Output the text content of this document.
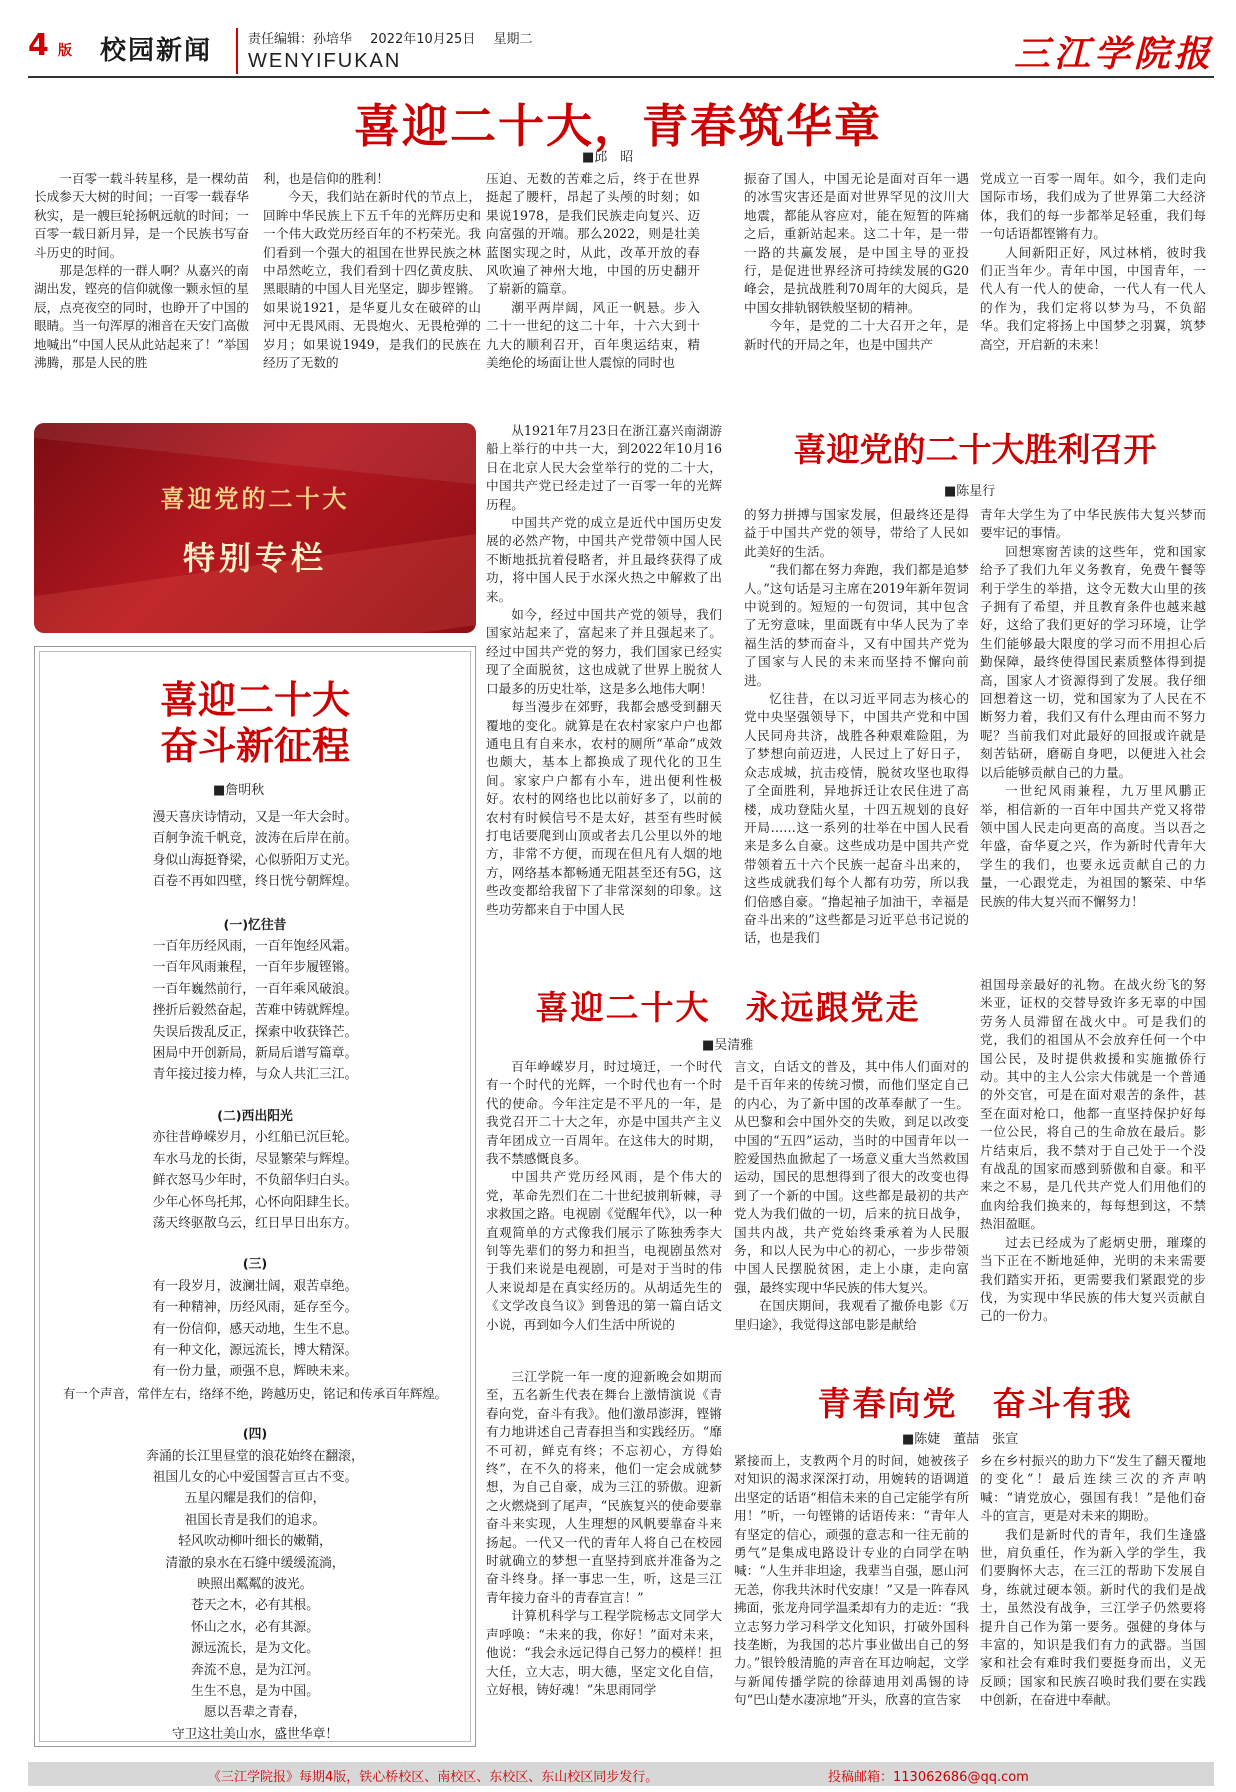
4 版 校园新闻	责任编辑：孙培华 2022年10月25日 星期二
WENYIFUKAN	三江学院报
喜迎二十大，青春筑华章
■邱　昭

一百零一载斗转星移，是一棵幼苗长成参天大树的时间；一百零一载春华秋实，是一艘巨轮扬帆远航的时间；一百零一载日新月异，是一个民族书写奋斗历史的时间。

那是怎样的一群人啊？从嘉兴的南湖出发，铿亮的信仰就像一颗永恒的星辰，点亮夜空的同时，也睁开了中国的眼睛。当一句浑厚的湘音在天安门高傲地喊出“中国人民从此站起来了！”举国沸腾，那是人民的胜

利，也是信仰的胜利！

今天，我们站在新时代的节点上，回眸中华民族上下五千年的光辉历史和一个伟大政党历经百年的不朽荣光。我们看到一个强大的祖国在世界民族之林中昂然屹立，我们看到十四亿黄皮肤、黑眼睛的中国人目光坚定，脚步铿锵。如果说1921，是华夏儿女在破碎的山河中无畏风雨、无畏炮火、无畏枪弹的岁月；如果说1949，是我们的民族在经历了无数的

压迫、无数的苦难之后，终于在世界挺起了腰杆，昂起了头颅的时刻；如果说1978，是我们民族走向复兴、迈向富强的开端。那么2022，则是壮美蓝图实现之时，从此，改革开放的春风吹遍了神州大地，中国的历史翻开了崭新的篇章。

潮平两岸阔，风正一帆悬。步入二十一世纪的这二十年，十六大到十九大的顺利召开，百年奥运结束，精美绝伦的场面让世人震惊的同时也

振奋了国人，中国无论是面对百年一遇的冰雪灾害还是面对世界罕见的汶川大地震，都能从容应对，能在短暂的阵痛之后，重新站起来。这二十年，是一带一路的共赢发展，是中国主导的亚投行，是促进世界经济可持续发展的G20峰会，是抗战胜利70周年的大阅兵，是中国女排轨钢铁般坚韧的精神。

今年，是党的二十大召开之年，是新时代的开局之年，也是中国共产

党成立一百零一周年。如今，我们走向国际市场，我们成为了世界第二大经济体，我们的每一步都举足轻重，我们每一句话语都铿锵有力。

人间新阳正好，风过林梢，彼时我们正当年少。青年中国，中国青年，一代人有一代人的使命，一代人有一代人的作为，我们定将以梦为马，不负韶华。我们定将扬上中国梦之羽翼，筑梦高空，开启新的未来！

喜迎党的二十大
特别专栏
喜迎二十大
奋斗新征程
■詹明秋
漫天喜庆诗情动，又是一年大会时。
百舸争流千帆竞，波涛在后岸在前。
身似山海挺脊梁，心似骄阳万丈光。
百卷不再如四壁，终日恍兮朝辉煌。
(一)忆往昔
一百年历经风雨，一百年饱经风霜。
一百年风雨兼程，一百年步履铿锵。
一百年巍然前行，一百年乘风破浪。
挫折后毅然奋起，苦难中铸就辉煌。
失误后拨乱反正，探索中收获锋芒。
困局中开创新局，新局后谱写篇章。
青年接过接力棒，与众人共汇三江。
(二)西出阳光
亦往昔峥嵘岁月，小红船已沉巨轮。
车水马龙的长街，尽显繁荣与辉煌。
鲜衣怒马少年时，不负韶华归白头。
少年心怀鸟托邦，心怀向阳肆生长。
荡天终驱散乌云，红日早日出东方。
(三)
有一段岁月，波澜壮阔，艰苦卓绝。
有一种精神，历经风雨，延存至今。
有一份信仰，感天动地，生生不息。
有一种文化，源远流长，博大精深。
有一份力量，顽强不息，辉映未来。
有一个声音，常伴左右，络绎不绝，跨越历史，铭记和传承百年辉煌。
(四)
奔涌的长江里昼堂的浪花始终在翻滚，
祖国儿女的心中爱国誓言亘古不变。
五星闪耀是我们的信仰，
祖国长青是我们的追求。
轻风吹动柳叶细长的嫩鞘，
清澈的泉水在石缝中缓缓流淌，
映照出粼粼的波光。
苍天之木，必有其根。
怀山之水，必有其源。
源远流长，是为文化。
奔流不息，是为江河。
生生不息，是为中国。
愿以吾辈之青春，
守卫这壮美山水，盛世华章！

从1921年7月23日在浙江嘉兴南湖游船上举行的中共一大，到2022年10月16日在北京人民大会堂举行的党的二十大，中国共产党已经走过了一百零一年的光辉历程。

中国共产党的成立是近代中国历史发展的必然产物，中国共产党带领中国人民不断地抵抗着侵略者，并且最终获得了成功，将中国人民于水深火热之中解救了出来。

如今，经过中国共产党的领导，我们国家站起来了，富起来了并且强起来了。经过中国共产党的努力，我们国家已经实现了全面脱贫，这也成就了世界上脱贫人口最多的历史壮举，这是多么地伟大啊！

每当漫步在郊野，我都会感受到翻天覆地的变化。就算是在农村家家户户也都通电且有自来水，农村的厕所“革命”成效也颇大，基本上都换成了现代化的卫生间。家家户户都有小车，进出便利性极好。农村的网络也比以前好多了，以前的农村有时候信号不是太好，甚至有些时候打电话要爬到山顶或者去几公里以外的地方，非常不方便，而现在但凡有人烟的地方，网络基本都畅通无阻甚至还有5G，这些改变都给我留下了非常深刻的印象。这些功劳都来自于中国人民

喜迎党的二十大胜利召开
■陈星行

的努力拼搏与国家发展，但最终还是得益于中国共产党的领导，带给了人民如此美好的生活。

“我们都在努力奔跑，我们都是追梦人。”这句话是习主席在2019年新年贺词中说到的。短短的一句贺词，其中包含了无穷意味，里面既有中华人民为了幸福生活的梦而奋斗，又有中国共产党为了国家与人民的未来而坚持不懈向前进。

忆往昔，在以习近平同志为核心的党中央坚强领导下，中国共产党和中国人民同舟共济，战胜各种艰难险阻，为了梦想向前迈进，人民过上了好日子，众志成城，抗击疫情，脱贫攻坚也取得了全面胜利，异地拆迁让农民住进了高楼，成功登陆火星，十四五规划的良好开局……这一系列的壮举在中国人民看来是多么自豪。这些成功是中国共产党带领着五十六个民族一起奋斗出来的，这些成就我们每个人都有功劳，所以我们倍感自豪。“撸起袖子加油干，幸福是奋斗出来的”这些都是习近平总书记说的话，也是我们

青年大学生为了中华民族伟大复兴梦而要牢记的事情。

回想寒窗苦读的这些年，党和国家给予了我们九年义务教育，免费午餐等利于学生的举措，这令无数大山里的孩子拥有了希望，并且教育条件也越来越好，这给了我们更好的学习环境，让学生们能够最大限度的学习而不用担心后勤保障，最终使得国民素质整体得到提高，国家人才资源得到了发展。我仔细回想着这一切，党和国家为了人民在不断努力着，我们又有什么理由而不努力呢？当前我们对此最好的回报或许就是刻苦钻研，磨砺自身吧，以便进入社会以后能够贡献自己的力量。

一世纪风雨兼程，九万里风鹏正举，相信新的一百年中国共产党又将带领中国人民走向更高的高度。当以吾之年盛，奋华夏之兴，作为新时代青年大学生的我们，也要永远贡献自己的力量，一心跟党走，为祖国的繁荣、中华民族的伟大复兴而不懈努力！

喜迎二十大　永远跟党走
■吴清雅

百年峥嵘岁月，时过境迁，一个时代有一个时代的光辉，一个时代也有一个时代的使命。今年注定是不平凡的一年，是我党召开二十大之年，亦是中国共产主义青年团成立一百周年。在这伟大的时期，我不禁感慨良多。

中国共产党历经风雨，是个伟大的党，革命先烈们在二十世纪披荆斩棘，寻求救国之路。电视剧《觉醒年代》，以一种直观简单的方式像我们展示了陈独秀李大钊等先辈们的努力和担当，电视剧虽然对于我们来说是电视剧，可是对于当时的伟人来说却是在真实经历的。从胡适先生的《文学改良刍议》到鲁迅的第一篇白话文小说，再到如今人们生活中所说的

言文，白话文的普及，其中伟人们面对的是千百年来的传统习惯，而他们坚定自己的内心，为了新中国的改革奉献了一生。从巴黎和会中国外交的失败，到足以改变中国的“五四”运动，当时的中国青年以一腔爱国热血掀起了一场意义重大当然救国运动，国民的思想得到了很大的改变也得到了一个新的中国。这些都是最初的共产党人为我们做的一切，后来的抗日战争，国共内战，共产党始终秉承着为人民服务，和以人民为中心的初心，一步步带领中国人民摆脱贫困，走上小康，走向富强，最终实现中华民族的伟大复兴。

在国庆期间，我观看了撤侨电影《万里归途》，我觉得这部电影是献给

祖国母亲最好的礼物。在战火纷飞的努米亚，证权的交替导致许多无辜的中国劳务人员滞留在战火中。可是我们的党，我们的祖国从不会放弃任何一个中国公民，及时提供救援和实施撤侨行动。其中的主人公宗大伟就是一个普通的外交官，可是在面对艰苦的条件，甚至在面对枪口，他都一直坚持保护好每一位公民，将自己的生命放在最后。影片结束后，我不禁对于自己处于一个没有战乱的国家而感到骄傲和自豪。和平来之不易，是几代共产党人们用他们的血肉给我们换来的，每每想到这，不禁热泪盈眶。

过去已经成为了彪炳史册，璀璨的当下正在不断地延伸，光明的未来需要我们踏实开拓，更需要我们紧跟党的步伐，为实现中华民族的伟大复兴贡献自己的一份力。

三江学院一年一度的迎新晚会如期而至，五名新生代表在舞台上激情演说《青春向党，奋斗有我》。他们激昂澎湃，铿锵有力地讲述自己青春担当和实践经历。“靡不可初，鲜克有终；不忘初心，方得始终”，在不久的将来，他们一定会成就梦想，为自己自豪，成为三江的骄傲。迎新之火燃烧到了尾声，“民族复兴的使命要靠奋斗来实现，人生理想的风帆要靠奋斗来扬起。一代又一代的青年人将自己在校园时就确立的梦想一直坚持到底并准备为之奋斗终身。择一事忠一生，听，这是三江青年接力奋斗的青春宣言！”

计算机科学与工程学院杨志文同学大声呼唤：“未来的我，你好！”面对未来，他说：“我会永远记得自己努力的模样！担大任，立大志，明大德，坚定文化自信，立好根，铸好魂！”朱思雨同学

青春向党　奋斗有我
■陈婕　董喆　张宣

紧接而上，支教两个月的时间，她被孩子对知识的渴求深深打动，用婉转的语调道出坚定的话语“相信未来的自己定能学有所用！”听，一句铿锵的话语传来：“青年人有坚定的信心，顽强的意志和一往无前的勇气”是集成电路设计专业的白同学在呐喊：“人生并非坦途，我辈当自强，愿山河无恙，你我共沐时代安康！”又是一阵春风拂面，张龙舟同学温柔却有力的走近：“我立志努力学习科学文化知识，打破外国科技垄断，为我国的芯片事业做出自己的努力。”银铃般清脆的声音在耳边响起，文学与新闻传播学院的徐薛迪用刘禹锡的诗句“巴山楚水凄凉地”开头，欣喜的宣告家

乡在乡村振兴的助力下“发生了翻天覆地的变化”！最后连续三次的齐声呐喊：“请党放心，强国有我！”是他们奋斗的宣言，更是对未来的期盼。

我们是新时代的青年，我们生逢盛世，肩负重任，作为新入学的学生，我们要胸怀大志，在三江的帮助下发展自身，练就过硬本领。新时代的我们是战士，虽然没有战争，三江学子仍然要将提升自己作为第一要务。强健的身体与丰富的，知识是我们有力的武器。当国家和社会有难时我们要挺身而出，义无反顾；国家和民族召唤时我们要在实践中创新，在奋进中奉献。

《三江学院报》每期4版，铁心桥校区、南校区、东校区、东山校区同步发行。	投稿邮箱：113062686@qq.com
